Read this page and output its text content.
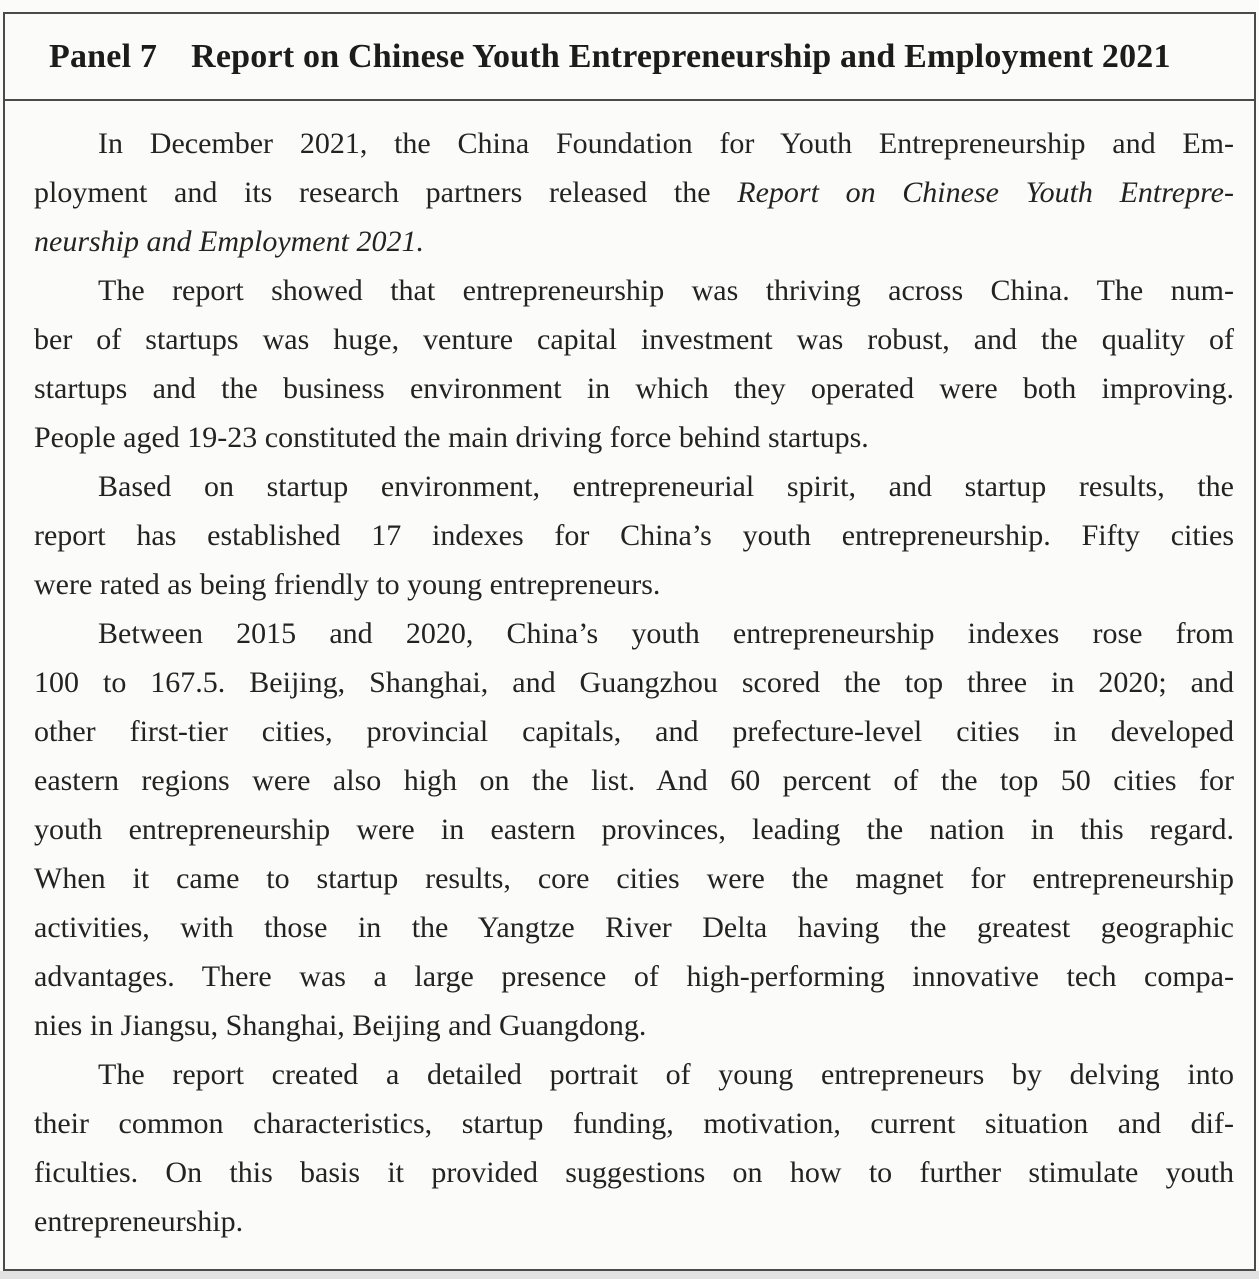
Panel 7 Report on Chinese Youth Entrepreneurship and Employment 2021
In December 2021, the China Foundation for Youth Entrepreneurship and Em-
ployment and its research partners released the Report on Chinese Youth Entrepre-
neurship and Employment 2021.
The report showed that entrepreneurship was thriving across China. The num-
ber of startups was huge, venture capital investment was robust, and the quality of
startups and the business environment in which they operated were both improving.
People aged 19-23 constituted the main driving force behind startups.
Based on startup environment, entrepreneurial spirit, and startup results, the
report has established 17 indexes for China’s youth entrepreneurship. Fifty cities
were rated as being friendly to young entrepreneurs.
Between 2015 and 2020, China’s youth entrepreneurship indexes rose from
100 to 167.5. Beijing, Shanghai, and Guangzhou scored the top three in 2020; and
other first-tier cities, provincial capitals, and prefecture-level cities in developed
eastern regions were also high on the list. And 60 percent of the top 50 cities for
youth entrepreneurship were in eastern provinces, leading the nation in this regard.
When it came to startup results, core cities were the magnet for entrepreneurship
activities, with those in the Yangtze River Delta having the greatest geographic
advantages. There was a large presence of high-performing innovative tech compa-
nies in Jiangsu, Shanghai, Beijing and Guangdong.
The report created a detailed portrait of young entrepreneurs by delving into
their common characteristics, startup funding, motivation, current situation and dif-
ficulties. On this basis it provided suggestions on how to further stimulate youth
entrepreneurship.
